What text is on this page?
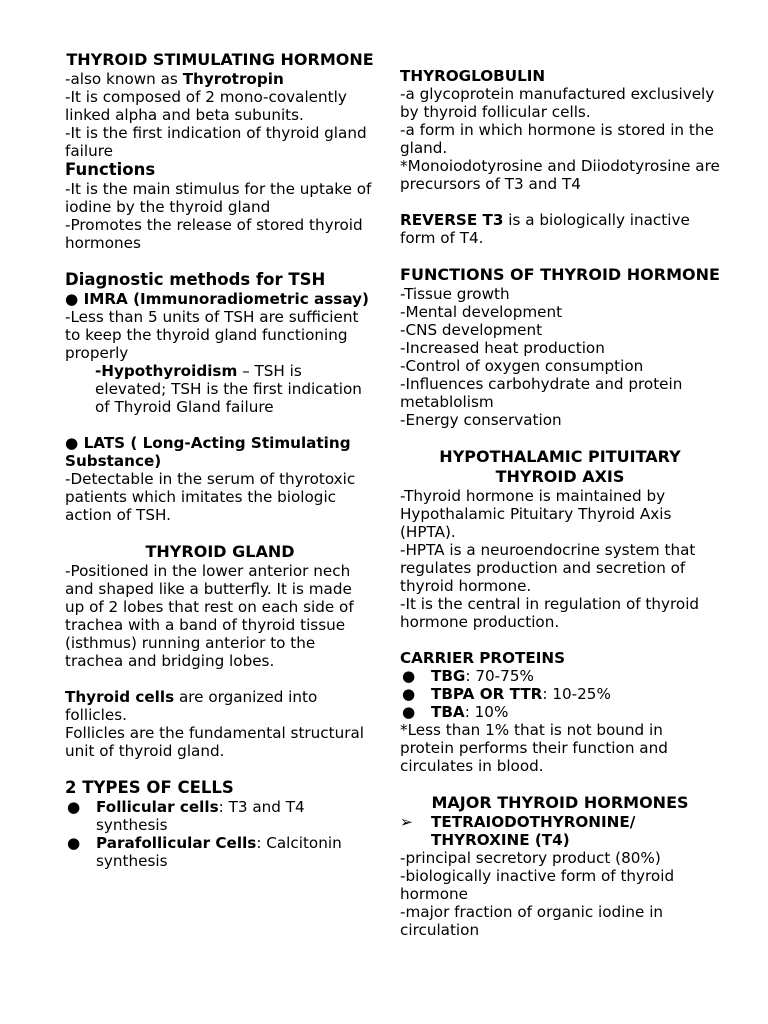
THYROID STIMULATING HORMONE

-also known as Thyrotropin

-It is composed of 2 mono-covalently linked alpha and beta subunits.

-It is the first indication of thyroid gland failure

Functions

-It is the main stimulus for the uptake of iodine by the thyroid gland

-Promotes the release of stored thyroid hormones

Diagnostic methods for TSH

● IMRA (Immunoradiometric assay)

-Less than 5 units of TSH are sufficient to keep the thyroid gland functioning properly

-Hypothyroidism – TSH is elevated; TSH is the first indication of Thyroid Gland failure

● LATS ( Long-Acting Stimulating Substance)

-Detectable in the serum of thyrotoxic patients which imitates the biologic action of TSH.

THYROID GLAND

-Positioned in the lower anterior nech and shaped like a butterfly. It is made up of 2 lobes that rest on each side of trachea with a band of thyroid tissue (isthmus) running anterior to the trachea and bridging lobes.

Thyroid cells are organized into follicles.

Follicles are the fundamental structural unit of thyroid gland.

2 TYPES OF CELLS

● Follicular cells: T3 and T4 synthesis
● Parafollicular Cells: Calcitonin synthesis

THYROGLOBULIN

-a glycoprotein manufactured exclusively by thyroid follicular cells.

-a form in which hormone is stored in the gland.

*Monoiodotyrosine and Diiodotyrosine are precursors of T3 and T4

REVERSE T3 is a biologically inactive form of T4.

FUNCTIONS OF THYROID HORMONE

-Tissue growth

-Mental development

-CNS development

-Increased heat production

-Control of oxygen consumption

-Influences carbohydrate and protein metablolism

-Energy conservation

HYPOTHALAMIC PITUITARY THYROID AXIS

-Thyroid hormone is maintained by Hypothalamic Pituitary Thyroid Axis (HPTA).

-HPTA is a neuroendocrine system that regulates production and secretion of thyroid hormone.

-It is the central in regulation of thyroid hormone production.

CARRIER PROTEINS

● TBG: 70-75%
● TBPA OR TTR: 10-25%
● TBA: 10%

*Less than 1% that is not bound in protein performs their function and circulates in blood.

MAJOR THYROID HORMONES

➢ TETRAIODOTHYRONINE/ THYROXINE (T4)

-principal secretory product (80%)

-biologically inactive form of thyroid hormone

-major fraction of organic iodine in circulation
